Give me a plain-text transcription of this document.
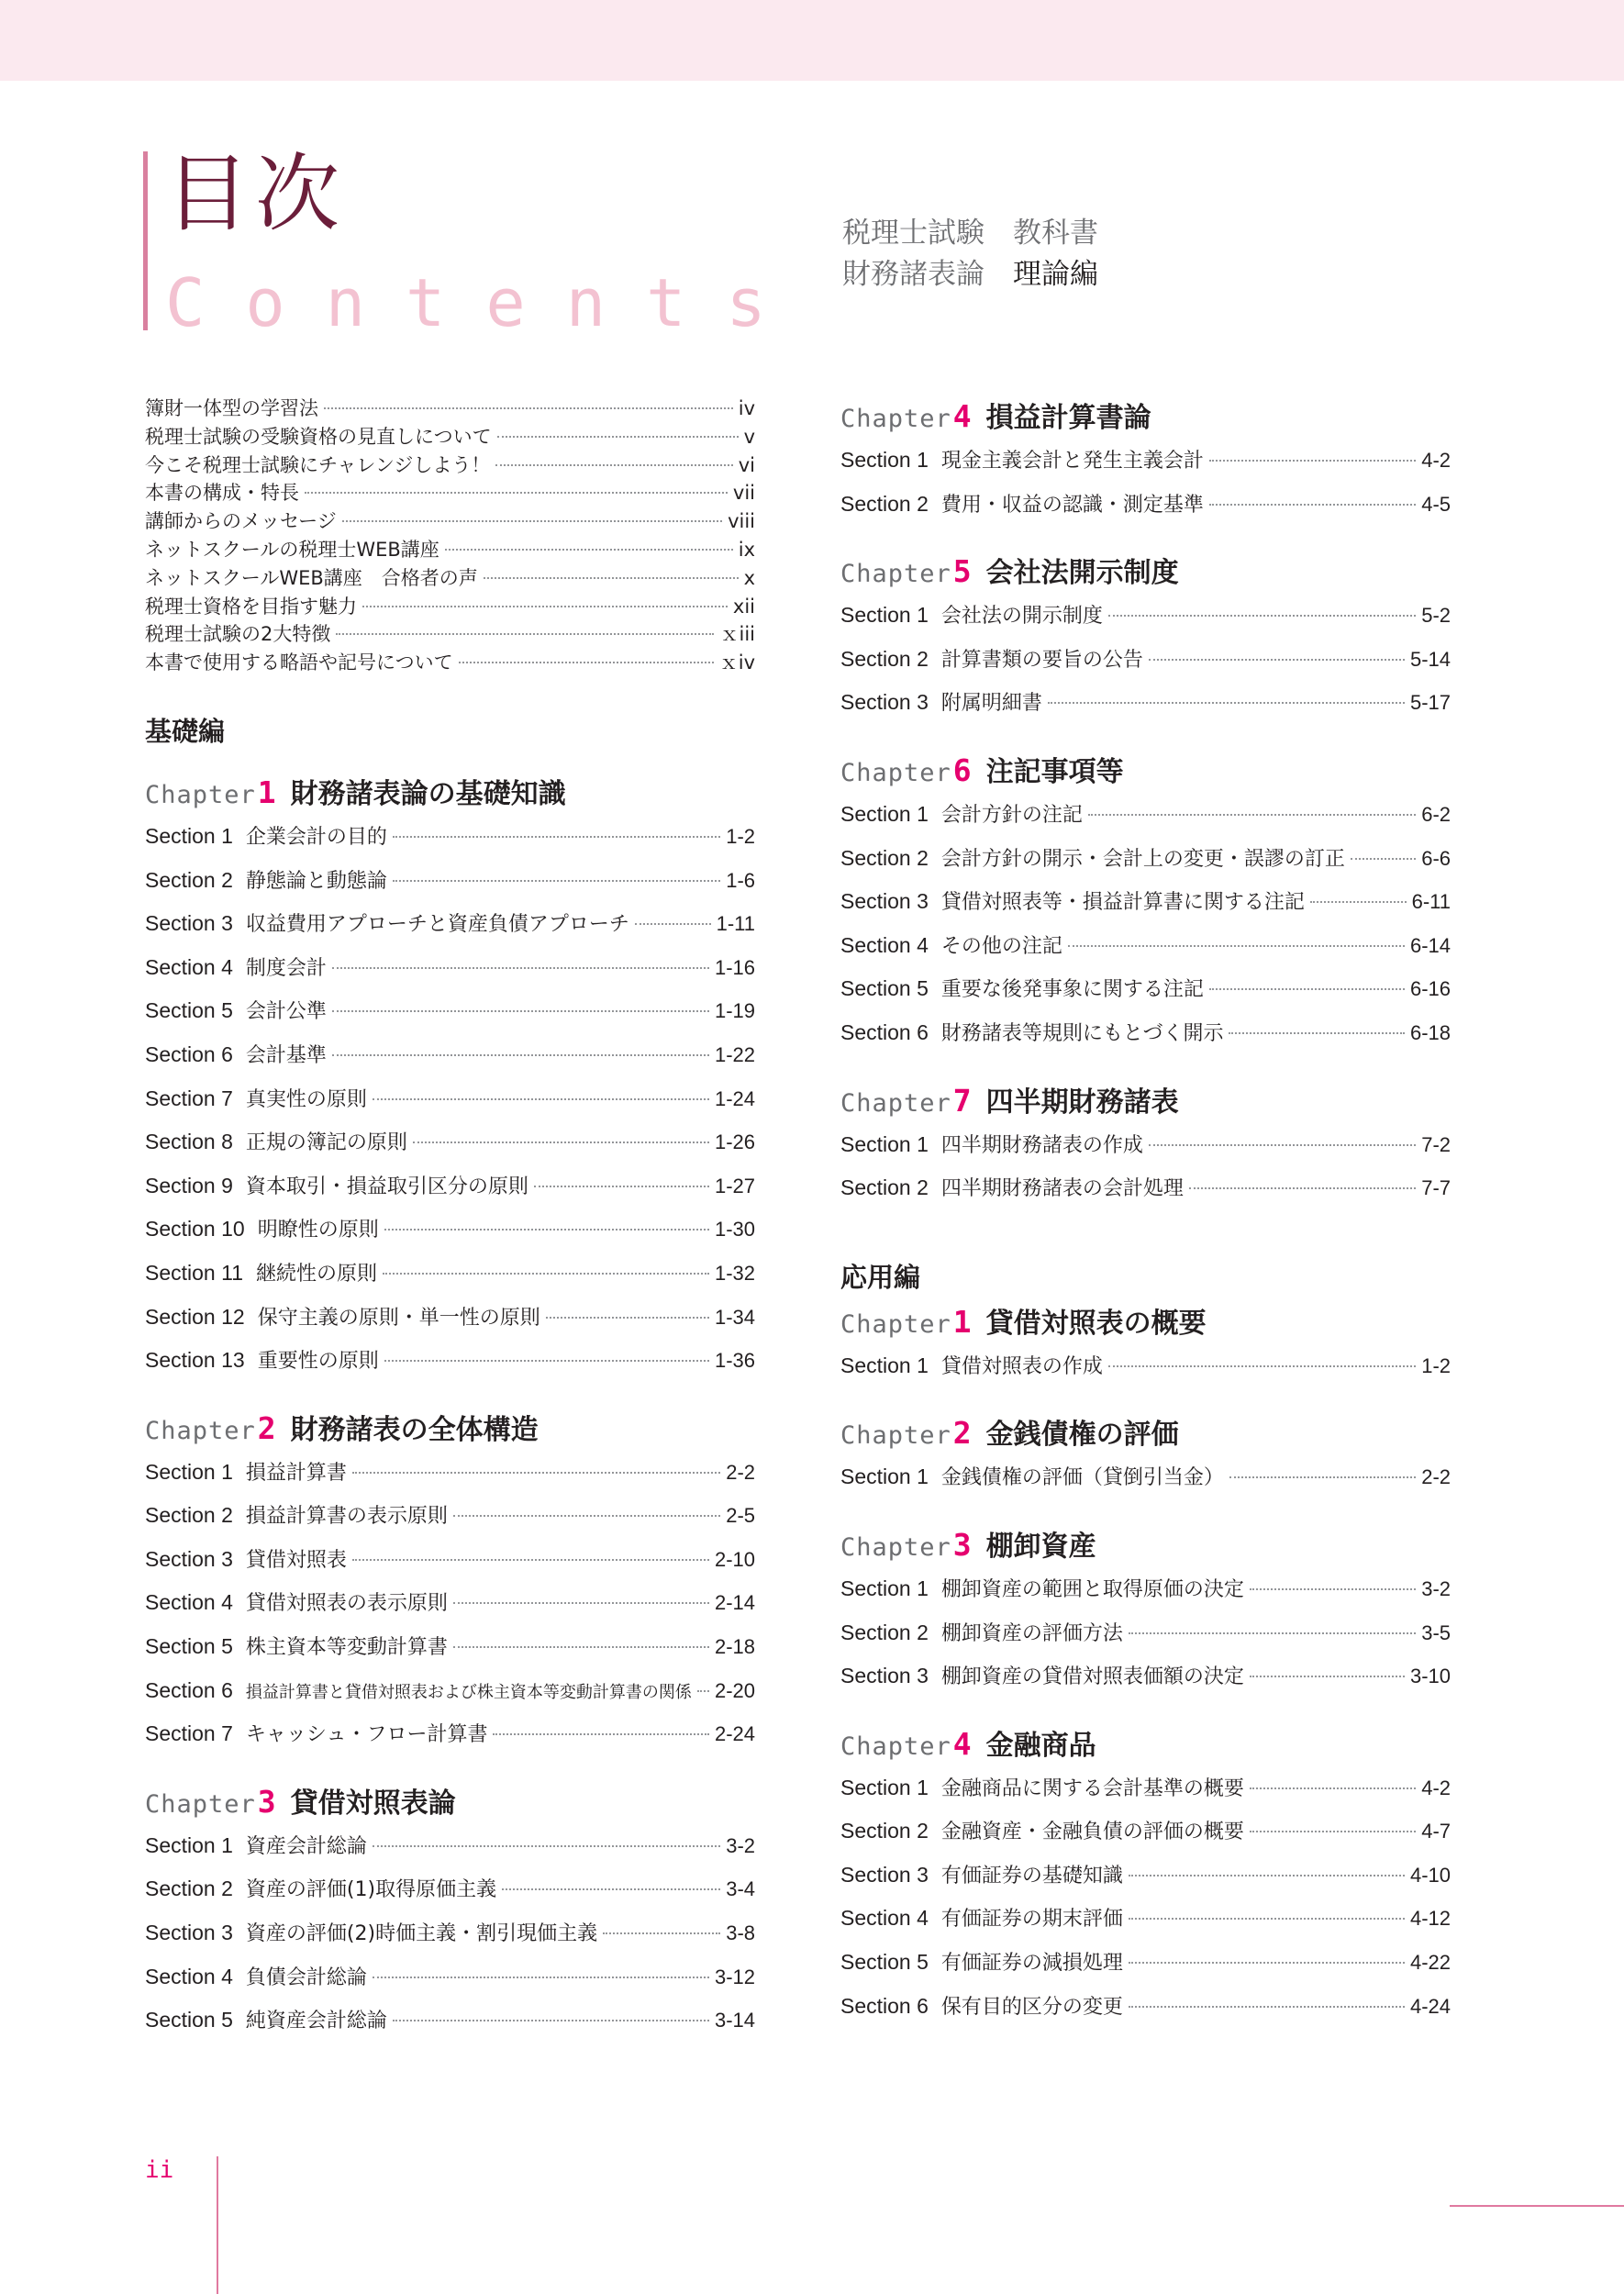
目次
Contents
税理士試験　教科書
財務諸表論　理論編
簿財一体型の学習法	iv
税理士試験の受験資格の見直しについて	v
今こそ税理士試験にチャレンジしよう！	vi
本書の構成・特長	vii
講師からのメッセージ	viii
ネットスクールの税理士WEB講座	ix
ネットスクールWEB講座　合格者の声	x
税理士資格を目指す魅力	xii
税理士試験の2大特徴	ｘiii
本書で使用する略語や記号について	ｘiv
基礎編
Chapter 1 財務諸表論の基礎知識
Section 1 企業会計の目的	1-2
Section 2 静態論と動態論	1-6
Section 3 収益費用アプローチと資産負債アプローチ	1-11
Section 4 制度会計	1-16
Section 5 会計公準	1-19
Section 6 会計基準	1-22
Section 7 真実性の原則	1-24
Section 8 正規の簿記の原則	1-26
Section 9 資本取引・損益取引区分の原則	1-27
Section 10 明瞭性の原則	1-30
Section 11 継続性の原則	1-32
Section 12 保守主義の原則・単一性の原則	1-34
Section 13 重要性の原則	1-36
Chapter 2 財務諸表の全体構造
Section 1 損益計算書	2-2
Section 2 損益計算書の表示原則	2-5
Section 3 貸借対照表	2-10
Section 4 貸借対照表の表示原則	2-14
Section 5 株主資本等変動計算書	2-18
Section 6 損益計算書と貸借対照表および株主資本等変動計算書の関係 2-20
Section 7 キャッシュ・フロー計算書	2-24
Chapter 3 貸借対照表論
Section 1 資産会計総論	3-2
Section 2 資産の評価(1)取得原価主義	3-4
Section 3 資産の評価(2)時価主義・割引現価主義	3-8
Section 4 負債会計総論	3-12
Section 5 純資産会計総論	3-14
Chapter 4 損益計算書論
Section 1 現金主義会計と発生主義会計	4-2
Section 2 費用・収益の認識・測定基準	4-5
Chapter 5 会社法開示制度
Section 1 会社法の開示制度	5-2
Section 2 計算書類の要旨の公告	5-14
Section 3 附属明細書	5-17
Chapter 6 注記事項等
Section 1 会計方針の注記	6-2
Section 2 会計方針の開示・会計上の変更・誤謬の訂正	6-6
Section 3 貸借対照表等・損益計算書に関する注記	6-11
Section 4 その他の注記	6-14
Section 5 重要な後発事象に関する注記	6-16
Section 6 財務諸表等規則にもとづく開示	6-18
Chapter 7 四半期財務諸表
Section 1 四半期財務諸表の作成	7-2
Section 2 四半期財務諸表の会計処理	7-7
応用編
Chapter 1 貸借対照表の概要
Section 1 貸借対照表の作成	1-2
Chapter 2 金銭債権の評価
Section 1 金銭債権の評価（貸倒引当金）	2-2
Chapter 3 棚卸資産
Section 1 棚卸資産の範囲と取得原価の決定	3-2
Section 2 棚卸資産の評価方法	3-5
Section 3 棚卸資産の貸借対照表価額の決定	3-10
Chapter 4 金融商品
Section 1 金融商品に関する会計基準の概要	4-2
Section 2 金融資産・金融負債の評価の概要	4-7
Section 3 有価証券の基礎知識	4-10
Section 4 有価証券の期末評価	4-12
Section 5 有価証券の減損処理	4-22
Section 6 保有目的区分の変更	4-24
ii
